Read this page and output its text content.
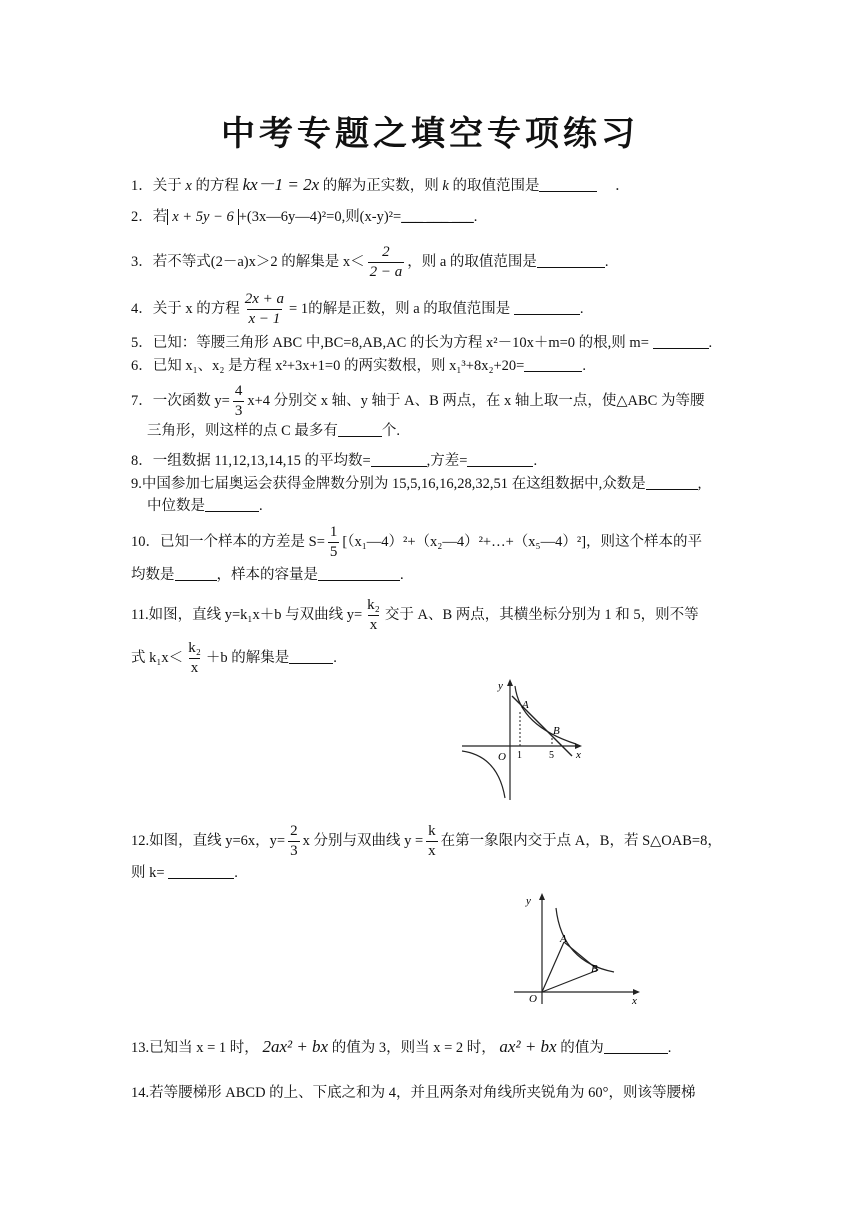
中考专题之填空专项练习
1．关于 x 的方程 kx－1 = 2x 的解为正实数，则 k 的取值范围是	．
2．若 x + 5y − 6 +(3x—6y—4)²=0,则(x-y)²=___ ___ ___.
3．若不等式(2－a)x＞2 的解集是 $x< \frac{2}{2 - a}$ ，则 a 的取值范围是	.
4．关于 x 的方程 $\frac{2x + a}{x - 1} = 1$的解是正数，则 a 的取值范围是	.
5．已知：等腰三角形 ABC 中,BC=8,AB,AC 的长为方程 x²－10x＋m=0 的根,则 m=	.
6．已知 x₁、x₂ 是方程 x²+3x+1=0 的两实数根，则 x₁³+8x₂+20=	.
7．一次函数 $y= \frac{4}{3} x+4$ 分别交 x 轴、y 轴于 A、B 两点，在 x 轴上取一点，使△ABC 为等腰
三角形，则这样的点 C 最多有	个.
8．一组数据 11,12,13,14,15 的平均数=	,方差=	.
9.中国参加七届奥运会获得金牌数分别为 15,5,16,16,28,32,51 在这组数据中,众数是	,
中位数是	.
10．已知一个样本的方差是 $S= \frac{1}{5}$ [（x₁—4）²+（x₂—4）²+…+（x₅—4）²]，则这个样本的平
均数是	，样本的容量是	.
11.如图，直线 y=k₁x＋b 与双曲线 $y= \frac{\text{k₂}}{x}$ 交于 A、B 两点，其横坐标分别为 1 和 5，则不等
式 $k_1x< \frac{\text{k₂}}{x} +b$ 的解集是	.
y
x
O
A
B
1	5
12.如图，直线 y=6x，$y= \frac{2}{3}$ x 分别与双曲线 $y = \frac{k}{x}$ 在第一象限内交于点 A，B，若 S△OAB=8，
则 k=	.
y
x
O
A
B
13.已知当 x = 1 时， 2ax² + bx 的值为 3，则当 x = 2 时， ax² + bx 的值为	.
14.若等腰梯形 ABCD 的上、下底之和为 4，并且两条对角线所夹锐角为 60°，则该等腰梯
